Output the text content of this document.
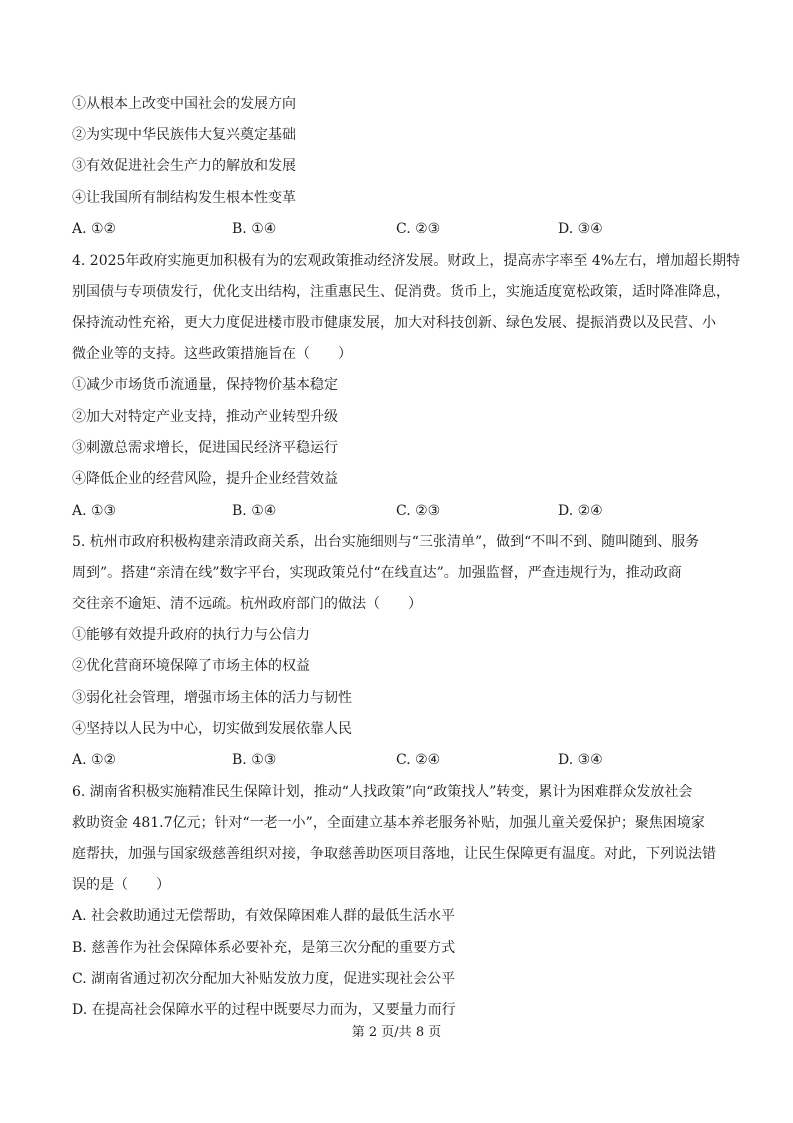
①从根本上改变中国社会的发展方向
②为实现中华民族伟大复兴奠定基础
③有效促进社会生产力的解放和发展
④让我国所有制结构发生根本性变革
A. ①②	B. ①④	C. ②③	D. ③④
4. 2025年政府实施更加积极有为的宏观政策推动经济发展。财政上，提高赤字率至 4%左右，增加超长期特
别国债与专项债发行，优化支出结构，注重惠民生、促消费。货币上，实施适度宽松政策，适时降准降息，
保持流动性充裕，更大力度促进楼市股市健康发展，加大对科技创新、绿色发展、提振消费以及民营、小
微企业等的支持。这些政策措施旨在（　　）
①减少市场货币流通量，保持物价基本稳定
②加大对特定产业支持，推动产业转型升级
③刺激总需求增长，促进国民经济平稳运行
④降低企业的经营风险，提升企业经营效益
A. ①③	B. ①④	C. ②③	D. ②④
5. 杭州市政府积极构建亲清政商关系，出台实施细则与“三张清单”，做到“不叫不到、随叫随到、服务
周到”。搭建“亲清在线”数字平台，实现政策兑付“在线直达”。加强监督，严查违规行为，推动政商
交往亲不逾矩、清不远疏。杭州政府部门的做法（　　）
①能够有效提升政府的执行力与公信力
②优化营商环境保障了市场主体的权益
③弱化社会管理，增强市场主体的活力与韧性
④坚持以人民为中心，切实做到发展依靠人民
A. ①②	B. ①③	C. ②④	D. ③④
6. 湖南省积极实施精准民生保障计划，推动“人找政策”向“政策找人”转变，累计为困难群众发放社会
救助资金 481.7亿元；针对“一老一小”，全面建立基本养老服务补贴，加强儿童关爱保护；聚焦困境家
庭帮扶，加强与国家级慈善组织对接，争取慈善助医项目落地，让民生保障更有温度。对此，下列说法错
误的是（　　）
A. 社会救助通过无偿帮助，有效保障困难人群的最低生活水平
B. 慈善作为社会保障体系必要补充，是第三次分配的重要方式
C. 湖南省通过初次分配加大补贴发放力度，促进实现社会公平
D. 在提高社会保障水平的过程中既要尽力而为，又要量力而行
第 2 页/共 8 页
